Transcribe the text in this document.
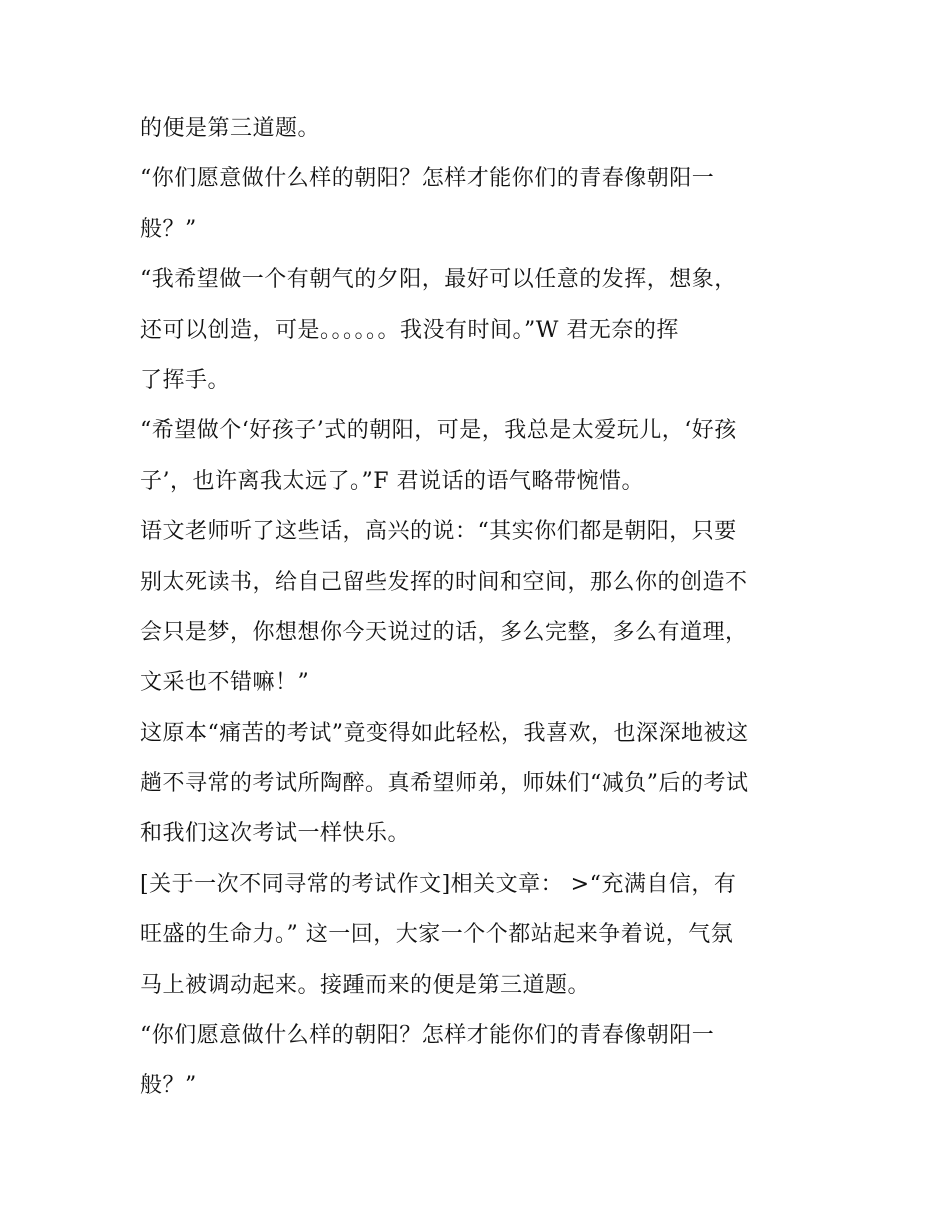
的便是第三道题。
“你们愿意做什么样的朝阳？怎样才能你们的青春像朝阳一
般？”
“我希望做一个有朝气的夕阳，最好可以任意的发挥，想象，
还可以创造，可是。。。。。。我没有时间。”W 君无奈的挥
了挥手。
“希望做个‘好孩子’式的朝阳，可是，我总是太爱玩儿，‘好孩
子’，也许离我太远了。”F 君说话的语气略带惋惜。
语文老师听了这些话，高兴的说：“其实你们都是朝阳，只要
别太死读书，给自己留些发挥的时间和空间，那么你的创造不
会只是梦，你想想你今天说过的话，多么完整，多么有道理，
文采也不错嘛！”
这原本“痛苦的考试”竟变得如此轻松，我喜欢，也深深地被这
趟不寻常的考试所陶醉。真希望师弟，师妹们“减负”后的考试
和我们这次考试一样快乐。
[关于一次不同寻常的考试作文]相关文章： >“充满自信，有
旺盛的生命力。” 这一回，大家一个个都站起来争着说，气氛
马上被调动起来。接踵而来的便是第三道题。
“你们愿意做什么样的朝阳？怎样才能你们的青春像朝阳一
般？”
